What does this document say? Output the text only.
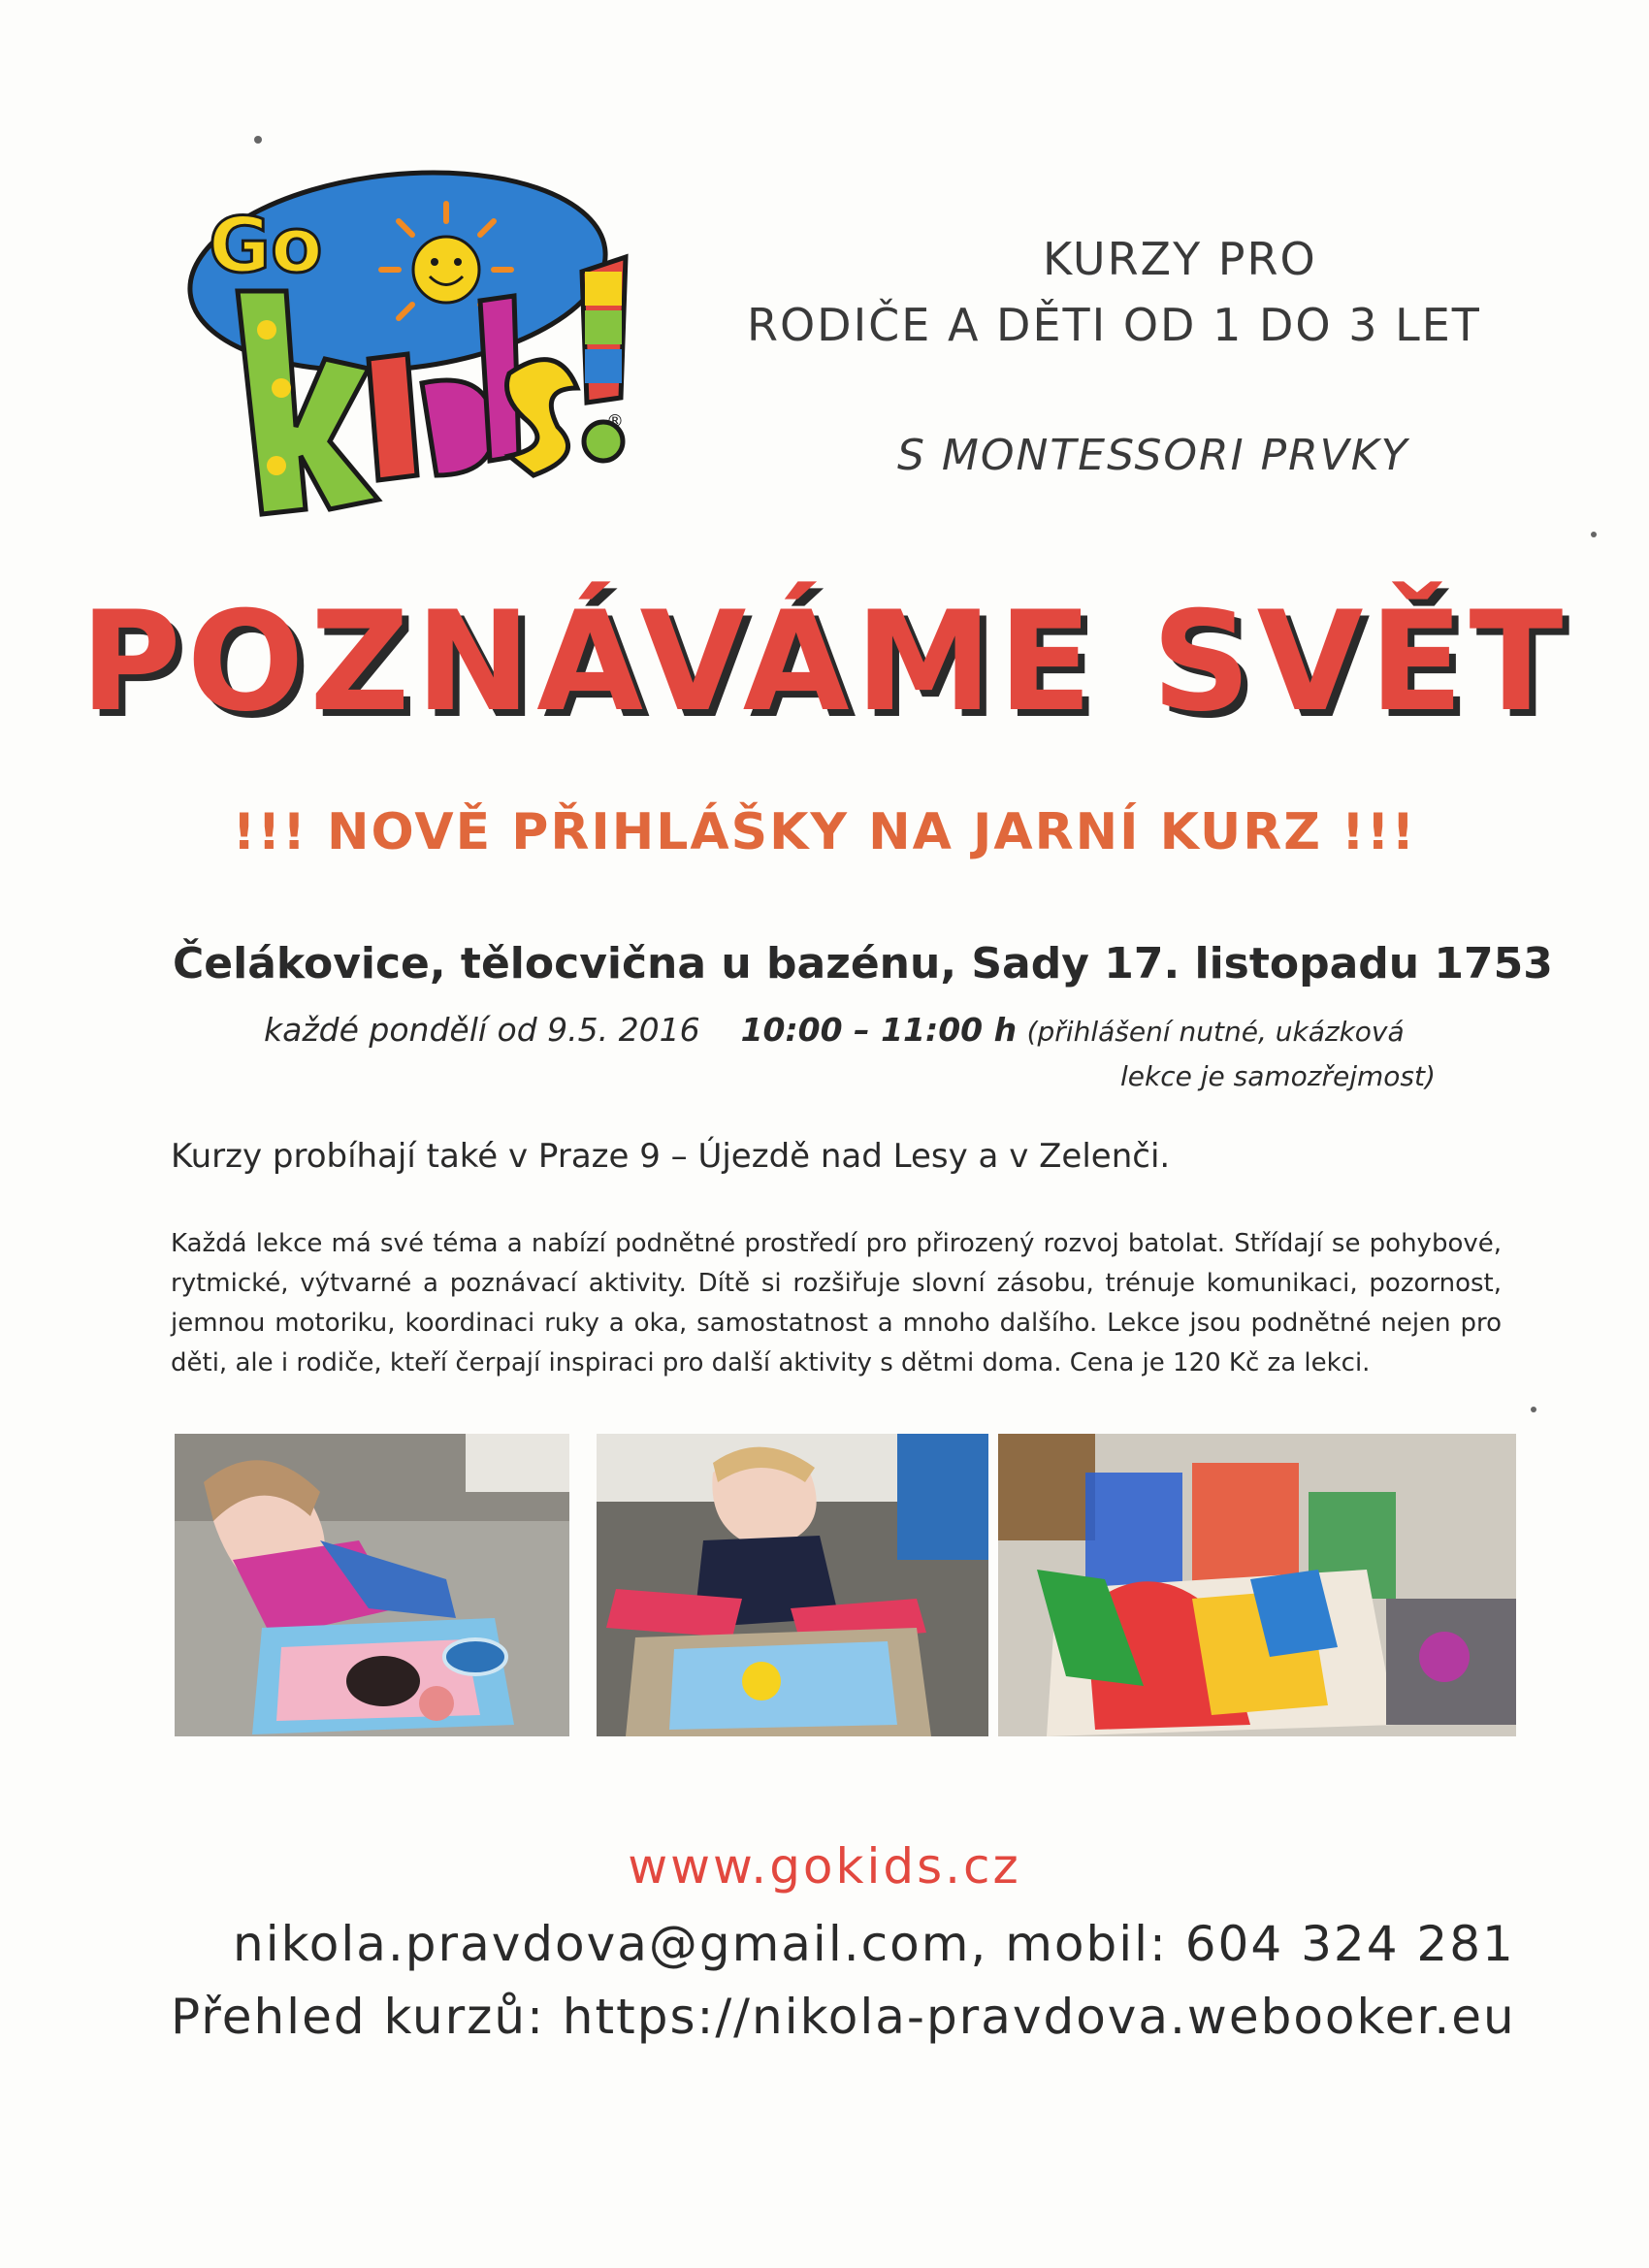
Go
®
Kids!
KURZY PRO
RODIČE A DĚTI OD 1 DO 3 LET
S MONTESSORI PRVKY
POZNÁVÁME SVĚT
!!! NOVĚ PŘIHLÁŠKY NA JARNÍ KURZ !!!
Čelákovice, tělocvična u bazénu, Sady 17. listopadu 1753
každé pondělí od 9.5. 2016 10:00 – 11:00 h (přihlášení nutné, ukázková
lekce je samozřejmost)
Kurzy probíhají také v Praze 9 – Újezdě nad Lesy a v Zelenči.
Každá lekce má své téma a nabízí podnětné prostředí pro přirozený rozvoj batolat. Střídají se pohybové, rytmické, výtvarné a poznávací aktivity. Dítě si rozšiřuje slovní zásobu, trénuje komunikaci, pozornost, jemnou motoriku, koordinaci ruky a oka, samostatnost a mnoho dalšího. Lekce jsou podnětné nejen pro děti, ale i rodiče, kteří čerpají inspiraci pro další aktivity s dětmi doma. Cena je 120 Kč za lekci.
www.gokids.cz
nikola.pravdova@gmail.com, mobil: 604 324 281
Přehled kurzů: https://nikola-pravdova.webooker.eu
